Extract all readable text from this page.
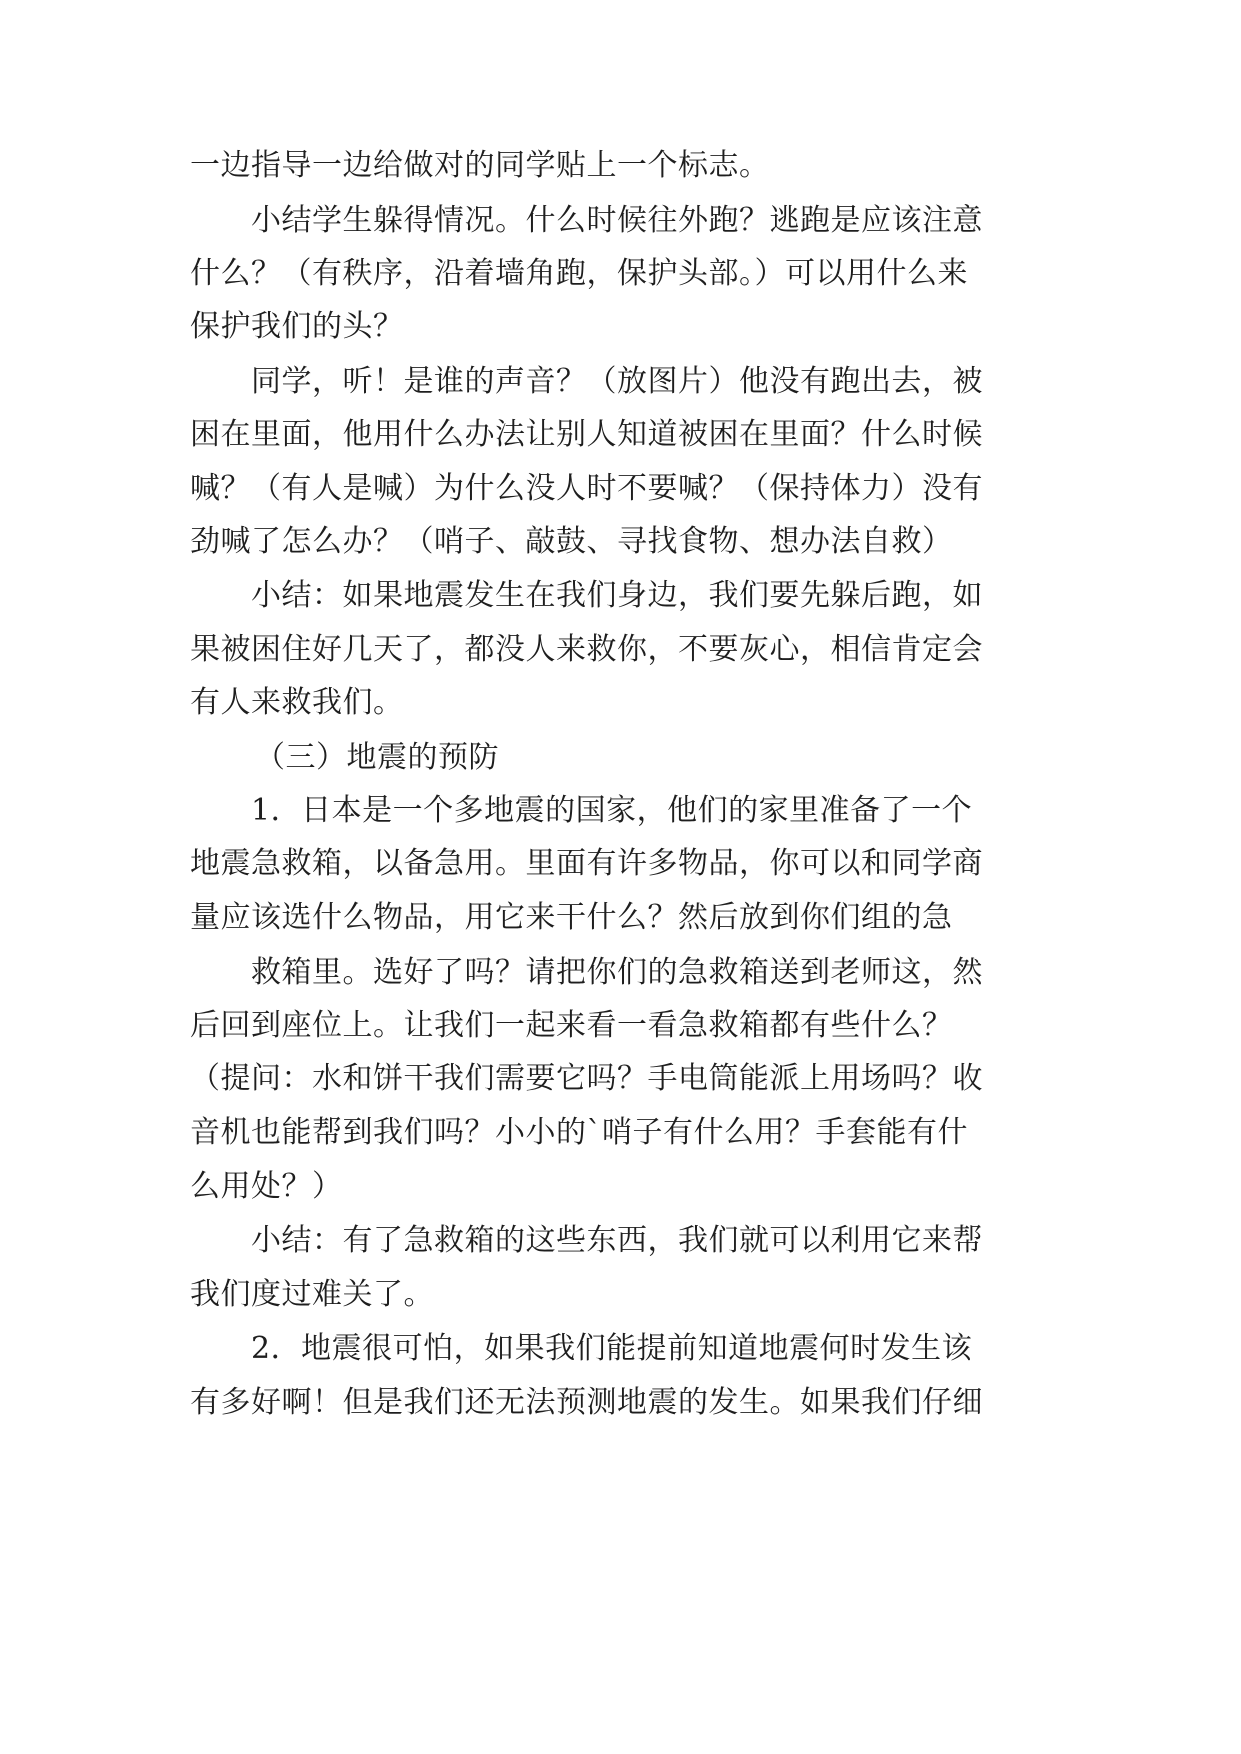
一边指导一边给做对的同学贴上一个标志。
小结学生躲得情况。什么时候往外跑？逃跑是应该注意
什么？（有秩序，沿着墙角跑，保护头部。）可以用什么来
保护我们的头？
同学，听！是谁的声音？（放图片）他没有跑出去，被
困在里面，他用什么办法让别人知道被困在里面？什么时候
喊？（有人是喊）为什么没人时不要喊？（保持体力）没有
劲喊了怎么办？（哨子、敲鼓、寻找食物、想办法自救）
小结：如果地震发生在我们身边，我们要先躲后跑，如
果被困住好几天了，都没人来救你，不要灰心，相信肯定会
有人来救我们。
（三）地震的预防
1．日本是一个多地震的国家，他们的家里准备了一个
地震急救箱，以备急用。里面有许多物品，你可以和同学商
量应该选什么物品，用它来干什么？然后放到你们组的急
救箱里。选好了吗？请把你们的急救箱送到老师这，然
后回到座位上。让我们一起来看一看急救箱都有些什么？
（提问：水和饼干我们需要它吗？手电筒能派上用场吗？收
音机也能帮到我们吗？小小的`哨子有什么用？手套能有什
么用处？）
小结：有了急救箱的这些东西，我们就可以利用它来帮
我们度过难关了。
2．地震很可怕，如果我们能提前知道地震何时发生该
有多好啊！但是我们还无法预测地震的发生。如果我们仔细
